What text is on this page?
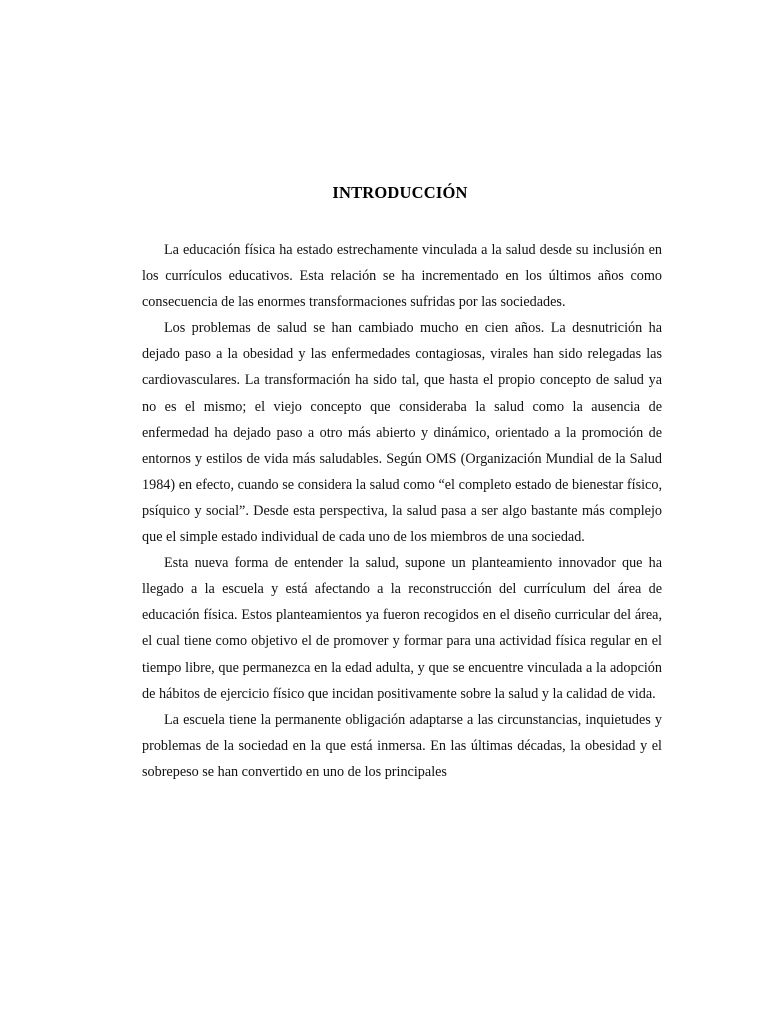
INTRODUCCIÓN

La educación física ha estado estrechamente vinculada a la salud desde su inclusión en los currículos educativos. Esta relación se ha incrementado en los últimos años como consecuencia de las enormes transformaciones sufridas por las sociedades.

Los problemas de salud se han cambiado mucho en cien años. La desnutrición ha dejado paso a la obesidad y las enfermedades contagiosas, virales han sido relegadas las cardiovasculares. La transformación ha sido tal, que hasta el propio concepto de salud ya no es el mismo; el viejo concepto que consideraba la salud como la ausencia de enfermedad ha dejado paso a otro más abierto y dinámico, orientado a la promoción de entornos y estilos de vida más saludables. Según OMS (Organización Mundial de la Salud 1984) en efecto, cuando se considera la salud como “el completo estado de bienestar físico, psíquico y social”. Desde esta perspectiva, la salud pasa a ser algo bastante más complejo que el simple estado individual de cada uno de los miembros de una sociedad.

Esta nueva forma de entender la salud, supone un planteamiento innovador que ha llegado a la escuela y está afectando a la reconstrucción del currículum del área de educación física. Estos planteamientos ya fueron recogidos en el diseño curricular del área, el cual tiene como objetivo el de promover y formar para una actividad física regular en el tiempo libre, que permanezca en la edad adulta, y que se encuentre vinculada a la adopción de hábitos de ejercicio físico que incidan positivamente sobre la salud y la calidad de vida.

La escuela tiene la permanente obligación adaptarse a las circunstancias, inquietudes y problemas de la sociedad en la que está inmersa. En las últimas décadas, la obesidad y el sobrepeso se han convertido en uno de los principales
